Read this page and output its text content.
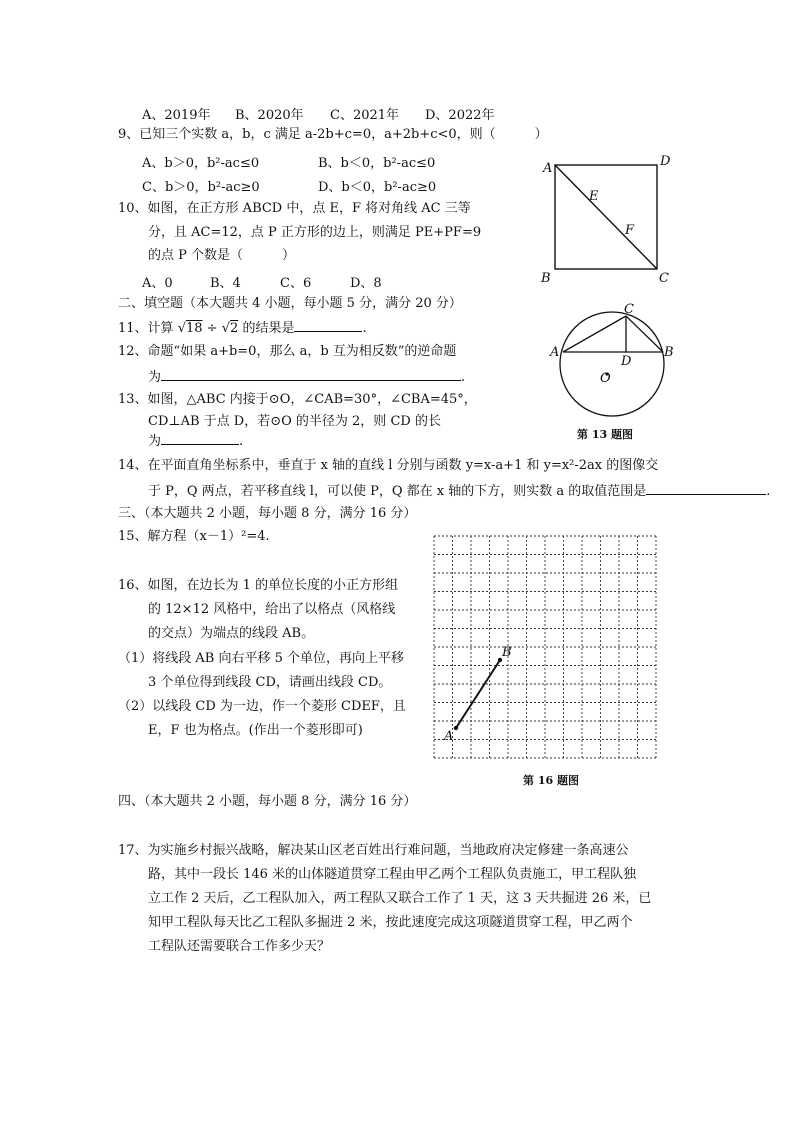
A、2019年 B、2020年 C、2021年 D、2022年
9、已知三个实数 a，b，c 满足 a-2b+c=0，a+2b+c<0，则（　　　）
A、b＞0，b²-ac≤0	B、b＜0，b²-ac≤0
C、b＞0，b²-ac≥0	D、b＜0，b²-ac≥0
10、如图，在正方形 ABCD 中，点 E，F 将对角线 AC 三等
分，且 AC=12，点 P 正方形的边上，则满足 PE+PF=9
的点 P 个数是（　　　）
A、0	B、4	C、6	D、8
A	D
E
F
B	C
二、填空题（本大题共 4 小题，每小题 5 分，满分 20 分）
11、计算 √18 ÷ √2 的结果是	.
12、命题“如果 a+b=0，那么 a，b 互为相反数”的逆命题
为	.
13、如图，△ABC 内接于⊙O，∠CAB=30°，∠CBA=45°，
CD⊥AB 于点 D，若⊙O 的半径为 2，则 CD 的长
为	.
C
A
D
B
O
第 13 题图
14、在平面直角坐标系中，垂直于 x 轴的直线 l 分别与函数 y=x-a+1 和 y=x²-2ax 的图像交
于 P，Q 两点，若平移直线 l，可以使 P，Q 都在 x 轴的下方，则实数 a 的取值范围是	.
三、（本大题共 2 小题，每小题 8 分，满分 16 分）
15、解方程（x－1）²=4.
16、如图，在边长为 1 的单位长度的小正方形组
的 12×12 风格中，给出了以格点（风格线
的交点）为端点的线段 AB。
（1）将线段 AB 向右平移 5 个单位，再向上平移
3 个单位得到线段 CD，请画出线段 CD。
（2）以线段 CD 为一边，作一个菱形 CDEF，且
E，F 也为格点。(作出一个菱形即可)
B
A
第 16 题图
四、（本大题共 2 小题，每小题 8 分，满分 16 分）
17、为实施乡村振兴战略，解决某山区老百姓出行难问题，当地政府决定修建一条高速公
路，其中一段长 146 米的山体隧道贯穿工程由甲乙两个工程队负责施工，甲工程队独
立工作 2 天后，乙工程队加入，两工程队又联合工作了 1 天，这 3 天共掘进 26 米，已
知甲工程队每天比乙工程队多掘进 2 米，按此速度完成这项隧道贯穿工程，甲乙两个
工程队还需要联合工作多少天？
